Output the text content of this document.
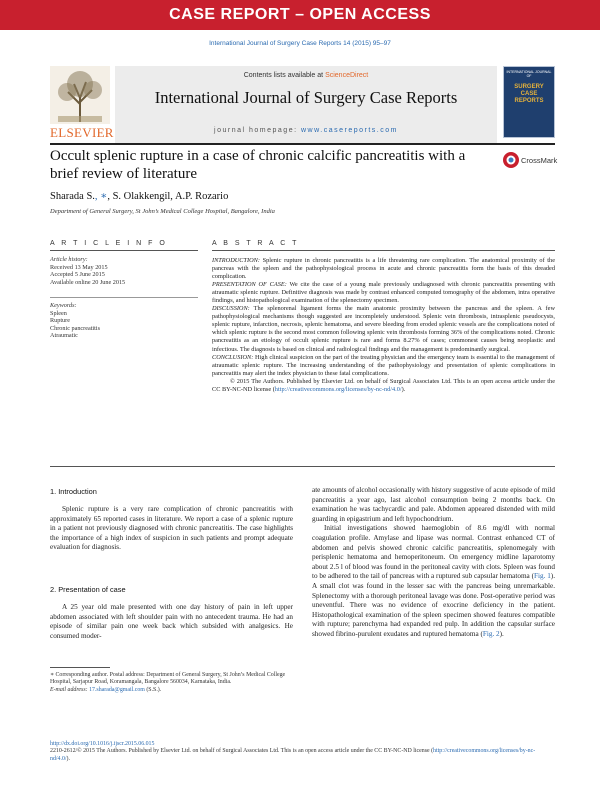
CASE REPORT – OPEN ACCESS
International Journal of Surgery Case Reports 14 (2015) 95–97
ELSEVIER
Contents lists available at ScienceDirect
International Journal of Surgery Case Reports
journal homepage: www.casereports.com
INTERNATIONAL JOURNAL OF
SURGERY
CASE
REPORTS
Occult splenic rupture in a case of chronic calcific pancreatitis with a
brief review of literature
CrossMark
Sharada S., ∗, S. Olakkengil, A.P. Rozario
Department of General Surgery, St John’s Medical College Hospital, Bangalore, India
A R T I C L E I N F O
Article history:
Received 13 May 2015
Accepted 5 June 2015
Available online 20 June 2015
Keywords:
Spleen
Rupture
Chronic pancreatitis
Atraumatic
A B S T R A C T

INTRODUCTION: Splenic rupture in chronic pancreatitis is a life threatening rare complication. The anatomical proximity of the pancreas with the spleen and the pathophysiological process in acute and chronic pancreatitis form the basis of this dreaded complication.

PRESENTATION OF CASE: We cite the case of a young male previously undiagnosed with chronic pancreatitis presenting with atraumatic splenic rupture. Definitive diagnosis was made by contrast enhanced computed tomography of the abdomen, intra operative findings, and histopathological examination of the splenectomy specimen.

DISCUSSION: The splenorenal ligament forms the main anatomic proximity between the pancreas and the spleen. A few pathophysiological mechanisms though suggested are incompletely understood. Splenic vein thrombosis, intrasplenic pseudocysts, splenic rupture, infarction, necrosis, splenic hematoma, and severe bleeding from eroded splenic vessels are the complications noted of which splenic rupture is the second most common following splenic vein thrombosis forming 36% of the complications noted. Chronic pancreatitis as an etiology of occult splenic rupture is rare and forms 8.27% of cases; commonest causes being neoplastic and infectious. The diagnosis is based on clinical and radiological findings and the management is predominantly surgical.

CONCLUSION: High clinical suspicion on the part of the treating physician and the emergency team is essential to the management of atraumatic splenic rupture. The increasing understanding of the pathophysiology and presentation of splenic complications in pancreatitis may alert the index physician to these fatal complications.

© 2015 The Authors. Published by Elsevier Ltd. on behalf of Surgical Associates Ltd. This is an open access article under the CC BY-NC-ND license (http://creativecommons.org/licenses/by-nc-nd/4.0/).

1. Introduction

Splenic rupture is a very rare complication of chronic pancreatitis with approximately 65 reported cases in literature. We report a case of a splenic rupture in a patient not previously diagnosed with chronic pancreatitis. The case highlights the importance of a high index of suspicion in such patients and prompt adequate evaluation for diagnosis.

2. Presentation of case

A 25 year old male presented with one day history of pain in left upper abdomen associated with left shoulder pain with no antecedent trauma. He had an episode of similar pain one week back which subsided with analgesics. He consumed moder-

∗ Corresponding author. Postal address: Department of General Surgery, St John’s Medical College Hospital, Sarjapur Road, Koramangala, Bangalore 560034, Karnataka, India.
E-mail address: 17.sharada@gmail.com (S.S.).

ate amounts of alcohol occasionally with history suggestive of acute episode of mild pancreatitis a year ago, last alcohol consumption being 2 months back. On examination he was tachycardic and pale. Abdomen appeared distended with mild guarding in epigastrium and left hypochondrium.

Initial investigations showed haemoglobin of 8.6 mg/dl with normal coagulation profile. Amylase and lipase was normal. Contrast enhanced CT of abdomen and pelvis showed chronic calcific pancreatitis, splenomegaly with perisplenic hematoma and hemoperitoneum. On emergency midline laparotomy about 2.5 l of blood was found in the peritoneal cavity with clots. Spleen was found to be adhered to the tail of pancreas with a ruptured sub capsular hematoma (Fig. 1). A small clot was found in the lesser sac with the pancreas being unremarkable. Splenectomy with a thorough peritoneal lavage was done. Post-operative period was uneventful. There was no evidence of exocrine deficiency in the patient. Histopathological examination of the spleen specimen showed features compatible with rupture; parenchyma had expanded red pulp. In addition the capsular surface showed fibrino-purulent exudates and ruptured hematoma (Fig. 2).

http://dx.doi.org/10.1016/j.ijscr.2015.06.015
2210-2612/© 2015 The Authors. Published by Elsevier Ltd. on behalf of Surgical Associates Ltd. This is an open access article under the CC BY-NC-ND license (http://creativecommons.org/licenses/by-nc-nd/4.0/).
